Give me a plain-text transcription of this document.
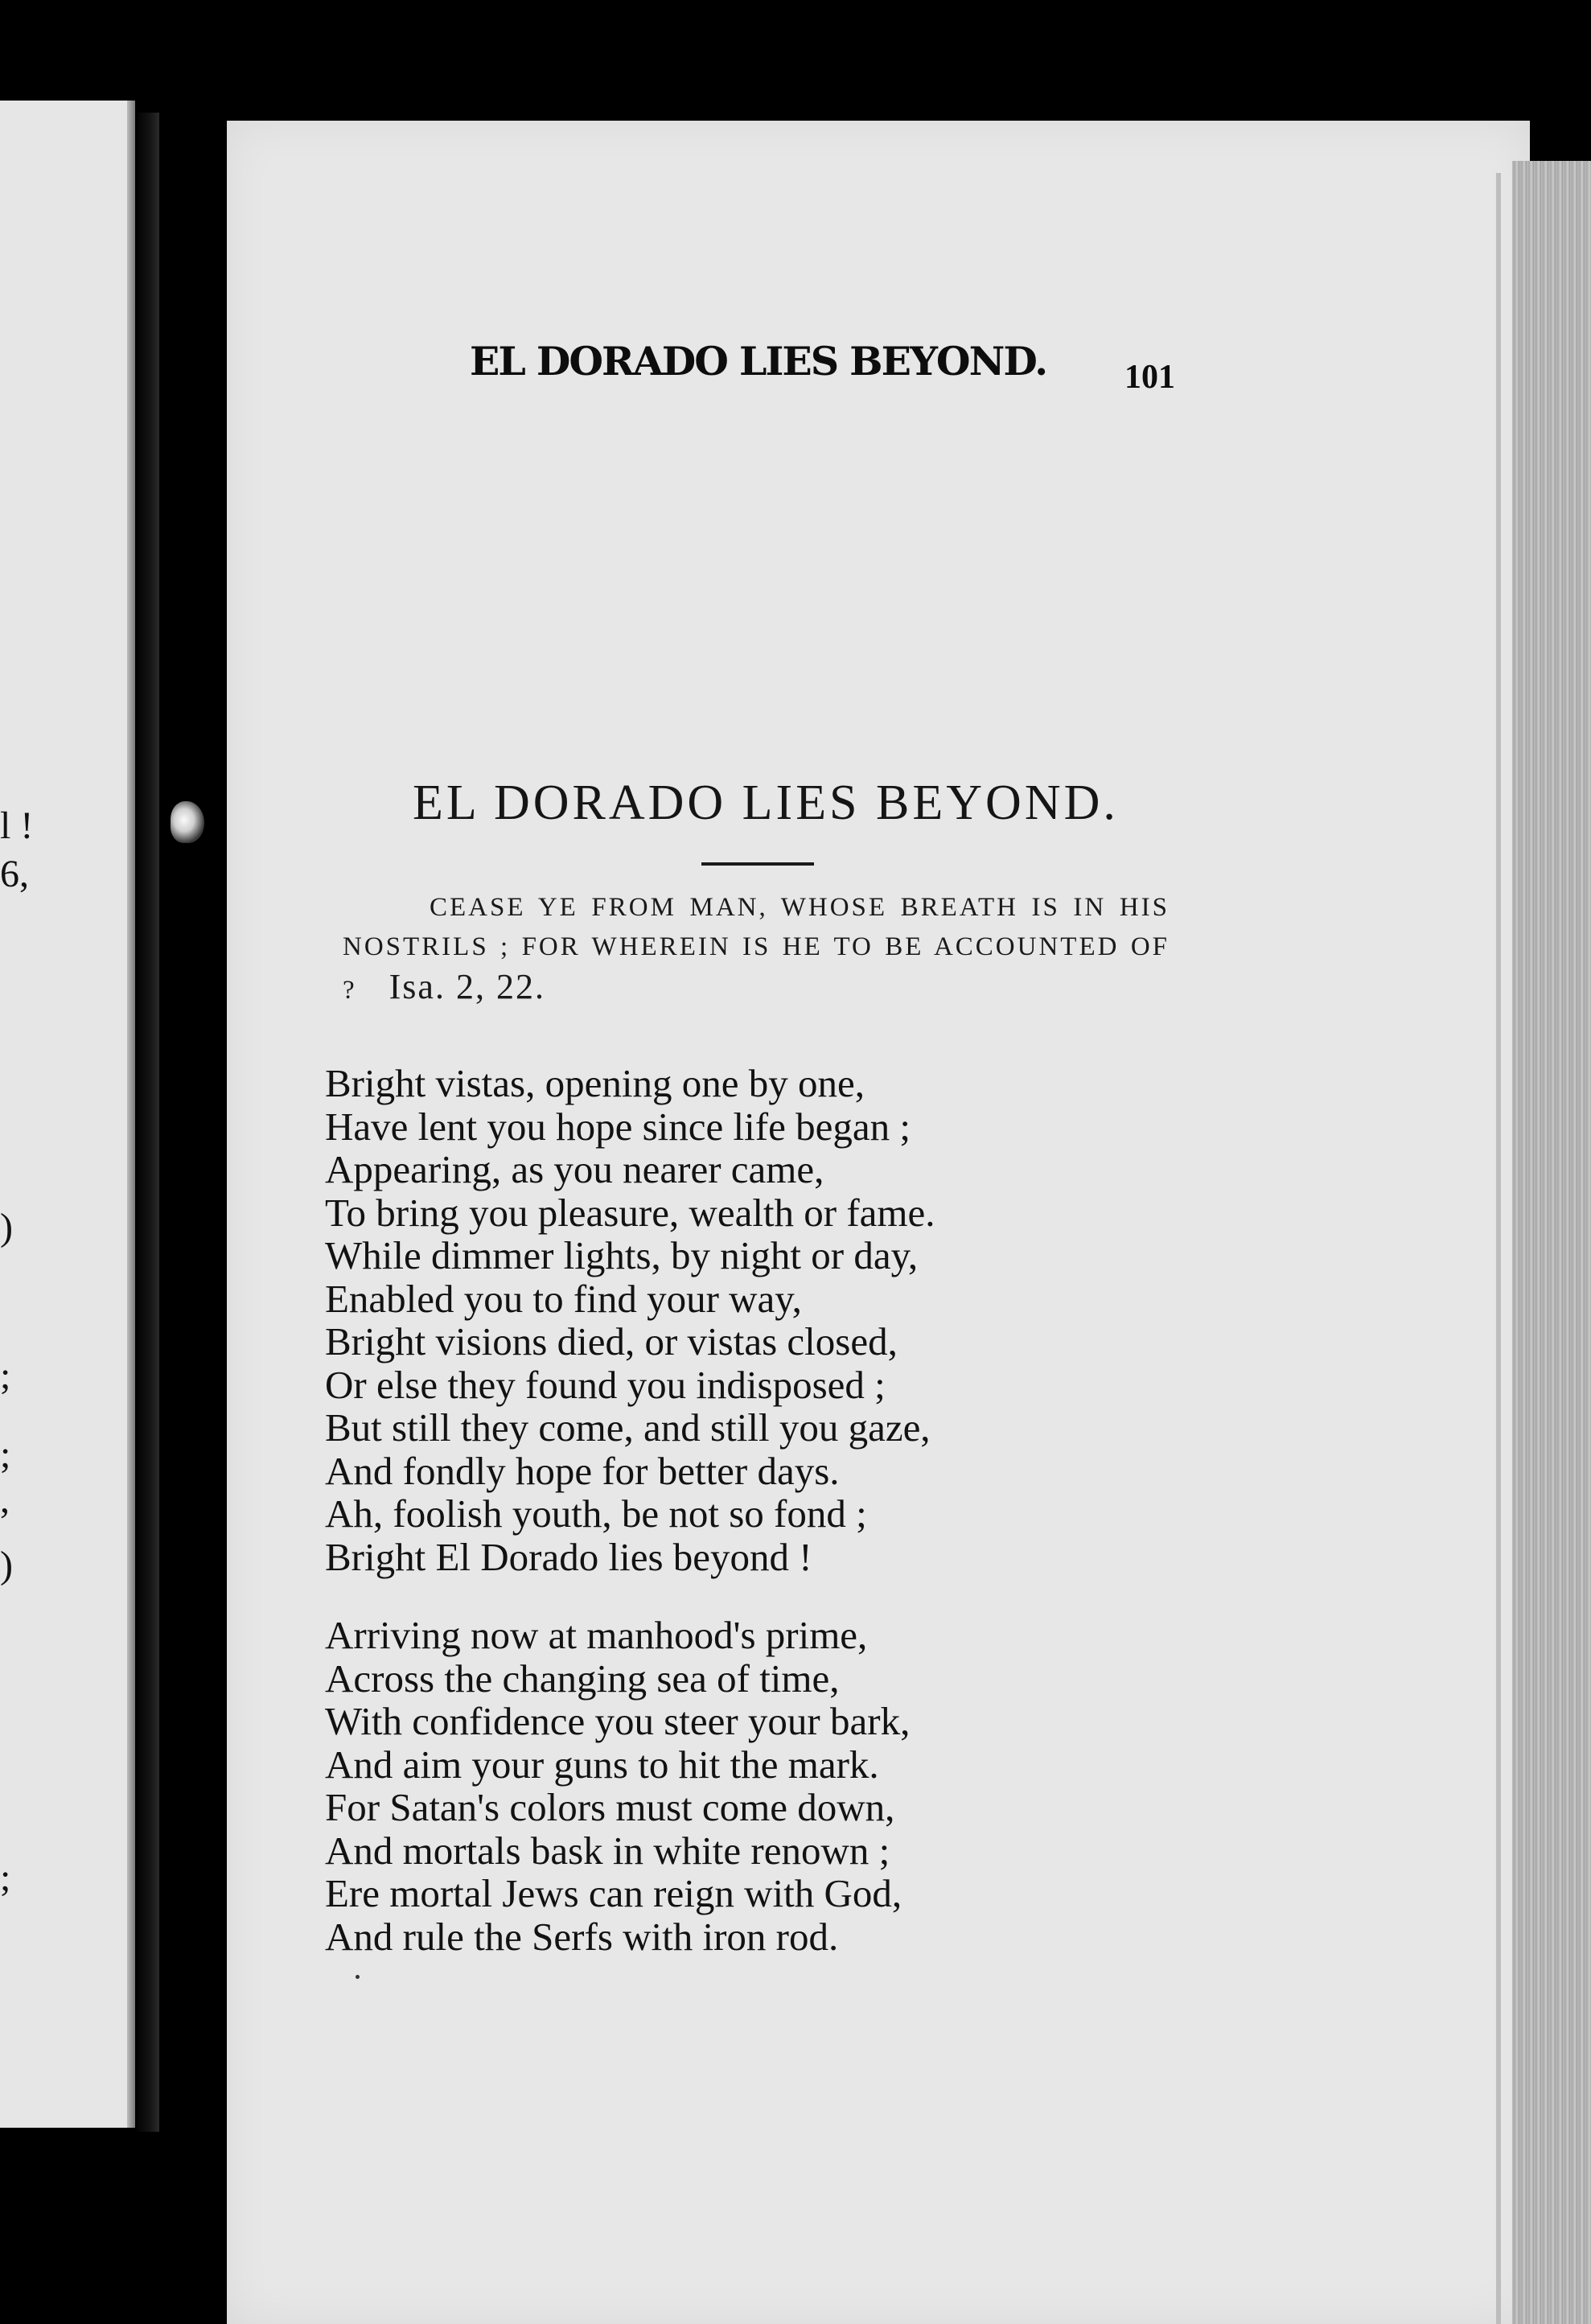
l !
6,
)
;
;
,
)
;
EL DORADO LIES BEYOND. 101
EL DORADO LIES BEYOND.
CEASE YE FROM MAN, WHOSE BREATH IS IN HIS NOSTRILS ; FOR WHEREIN IS HE TO BE ACCOUNTED OF ? Isa. 2, 22.
Bright vistas, opening one by one,
Have lent you hope since life began ;
Appearing, as you nearer came,
To bring you pleasure, wealth or fame.
While dimmer lights, by night or day,
Enabled you to find your way,
Bright visions died, or vistas closed,
Or else they found you indisposed ;
But still they come, and still you gaze,
And fondly hope for better days.
Ah, foolish youth, be not so fond ;
Bright El Dorado lies beyond !
Arriving now at manhood's prime,
Across the changing sea of time,
With confidence you steer your bark,
And aim your guns to hit the mark.
For Satan's colors must come down,
And mortals bask in white renown ;
Ere mortal Jews can reign with God,
And rule the Serfs with iron rod.
